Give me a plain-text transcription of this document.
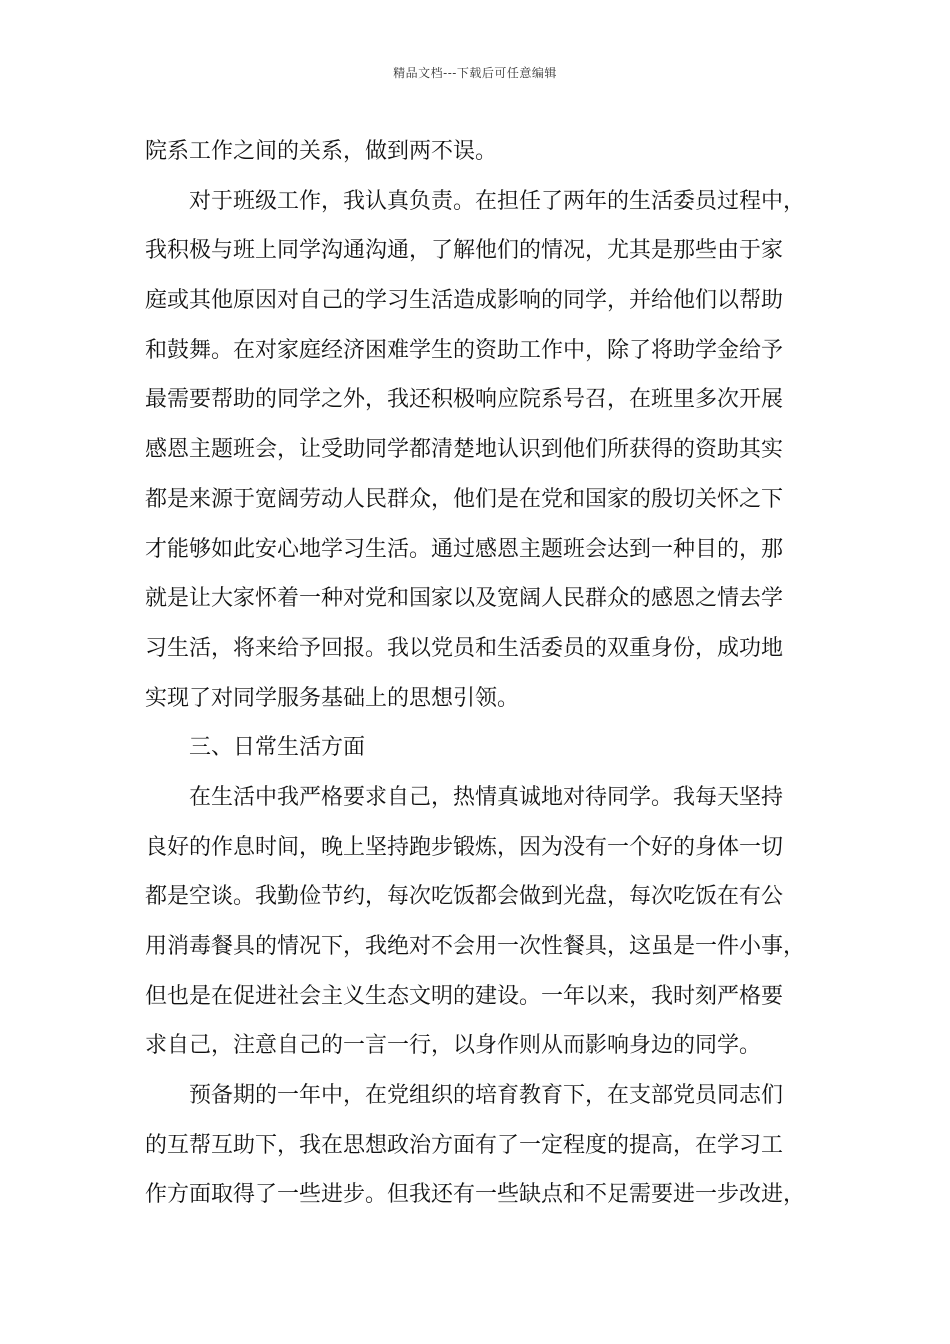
精品文档---下载后可任意编辑
院系工作之间的关系，做到两不误。
对于班级工作，我认真负责。在担任了两年的生活委员过程中，
我积极与班上同学沟通沟通，了解他们的情况，尤其是那些由于家
庭或其他原因对自己的学习生活造成影响的同学，并给他们以帮助
和鼓舞。在对家庭经济困难学生的资助工作中，除了将助学金给予
最需要帮助的同学之外，我还积极响应院系号召，在班里多次开展
感恩主题班会，让受助同学都清楚地认识到他们所获得的资助其实
都是来源于宽阔劳动人民群众，他们是在党和国家的殷切关怀之下
才能够如此安心地学习生活。通过感恩主题班会达到一种目的，那
就是让大家怀着一种对党和国家以及宽阔人民群众的感恩之情去学
习生活，将来给予回报。我以党员和生活委员的双重身份，成功地
实现了对同学服务基础上的思想引领。
三、日常生活方面
在生活中我严格要求自己，热情真诚地对待同学。我每天坚持
良好的作息时间，晚上坚持跑步锻炼，因为没有一个好的身体一切
都是空谈。我勤俭节约，每次吃饭都会做到光盘，每次吃饭在有公
用消毒餐具的情况下，我绝对不会用一次性餐具，这虽是一件小事，
但也是在促进社会主义生态文明的建设。一年以来，我时刻严格要
求自己，注意自己的一言一行，以身作则从而影响身边的同学。
预备期的一年中，在党组织的培育教育下，在支部党员同志们
的互帮互助下，我在思想政治方面有了一定程度的提高，在学习工
作方面取得了一些进步。但我还有一些缺点和不足需要进一步改进，
